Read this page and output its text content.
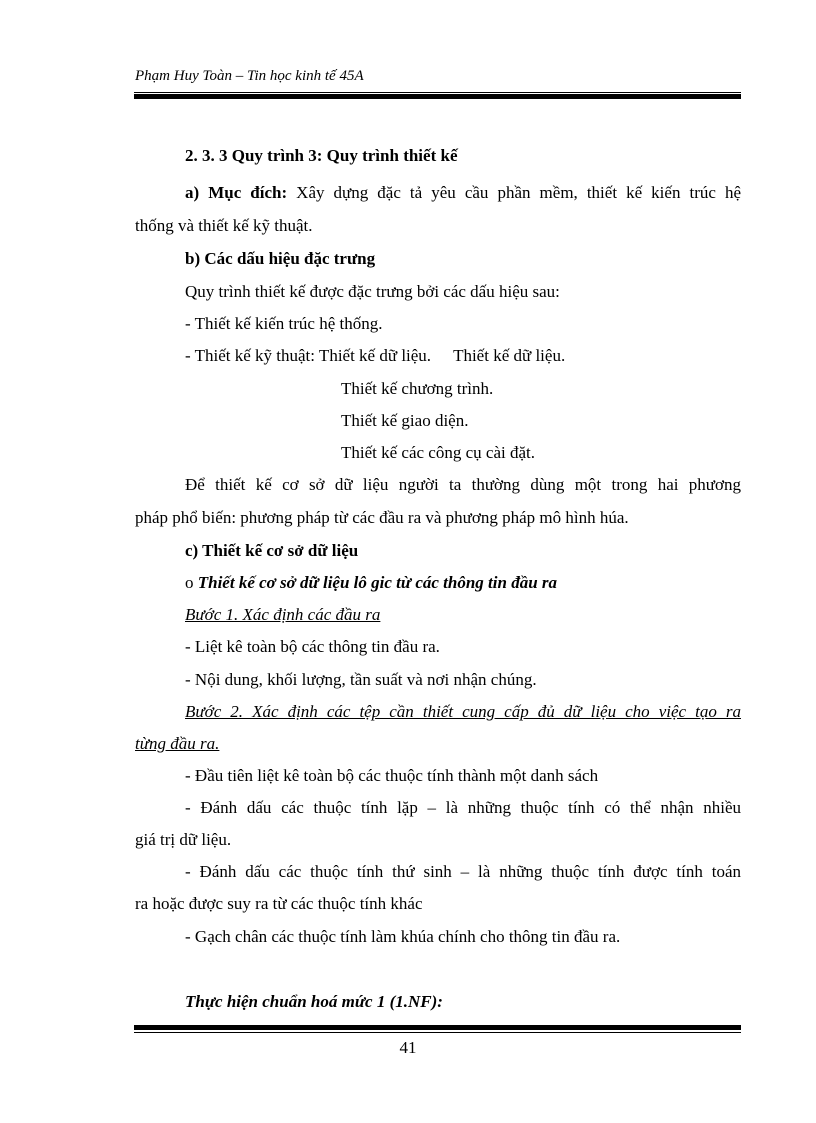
Phạm Huy Toàn – Tin học kinh tế 45A
2. 3. 3 Quy trình 3: Quy trình thiết kế
a) Mục đích: Xây dựng đặc tả yêu cầu phần mềm, thiết kế kiến trúc hệ
thống và thiết kế kỹ thuật.
b) Các dấu hiệu đặc trưng
Quy trình thiết kế được đặc trưng bởi các dấu hiệu sau:
- Thiết kế kiến trúc hệ thống.
- Thiết kế kỹ thuật: Thiết kế dữ liệu. Thiết kế dữ liệu.
Thiết kế chương trình.
Thiết kế giao diện.
Thiết kế các công cụ cài đặt.
Để thiết kế cơ sở dữ liệu người ta thường dùng một trong hai phương
pháp phổ biến: phương pháp từ các đầu ra và phương pháp mô hình húa.
c) Thiết kế cơ sở dữ liệu
o Thiết kế cơ sở dữ liệu lô gic từ các thông tin đầu ra
Bước 1. Xác định các đầu ra
- Liệt kê toàn bộ các thông tin đầu ra.
- Nội dung, khối lượng, tần suất và nơi nhận chúng.
Bước 2. Xác định các tệp cần thiết cung cấp đủ dữ liệu cho việc tạo ra
từng đầu ra.
- Đầu tiên liệt kê toàn bộ các thuộc tính thành một danh sách
- Đánh dấu các thuộc tính lặp – là những thuộc tính có thể nhận nhiều
giá trị dữ liệu.
- Đánh dấu các thuộc tính thứ sinh – là những thuộc tính được tính toán
ra hoặc được suy ra từ các thuộc tính khác
- Gạch chân các thuộc tính làm khúa chính cho thông tin đầu ra.
Thực hiện chuẩn hoá mức 1 (1.NF):
41
